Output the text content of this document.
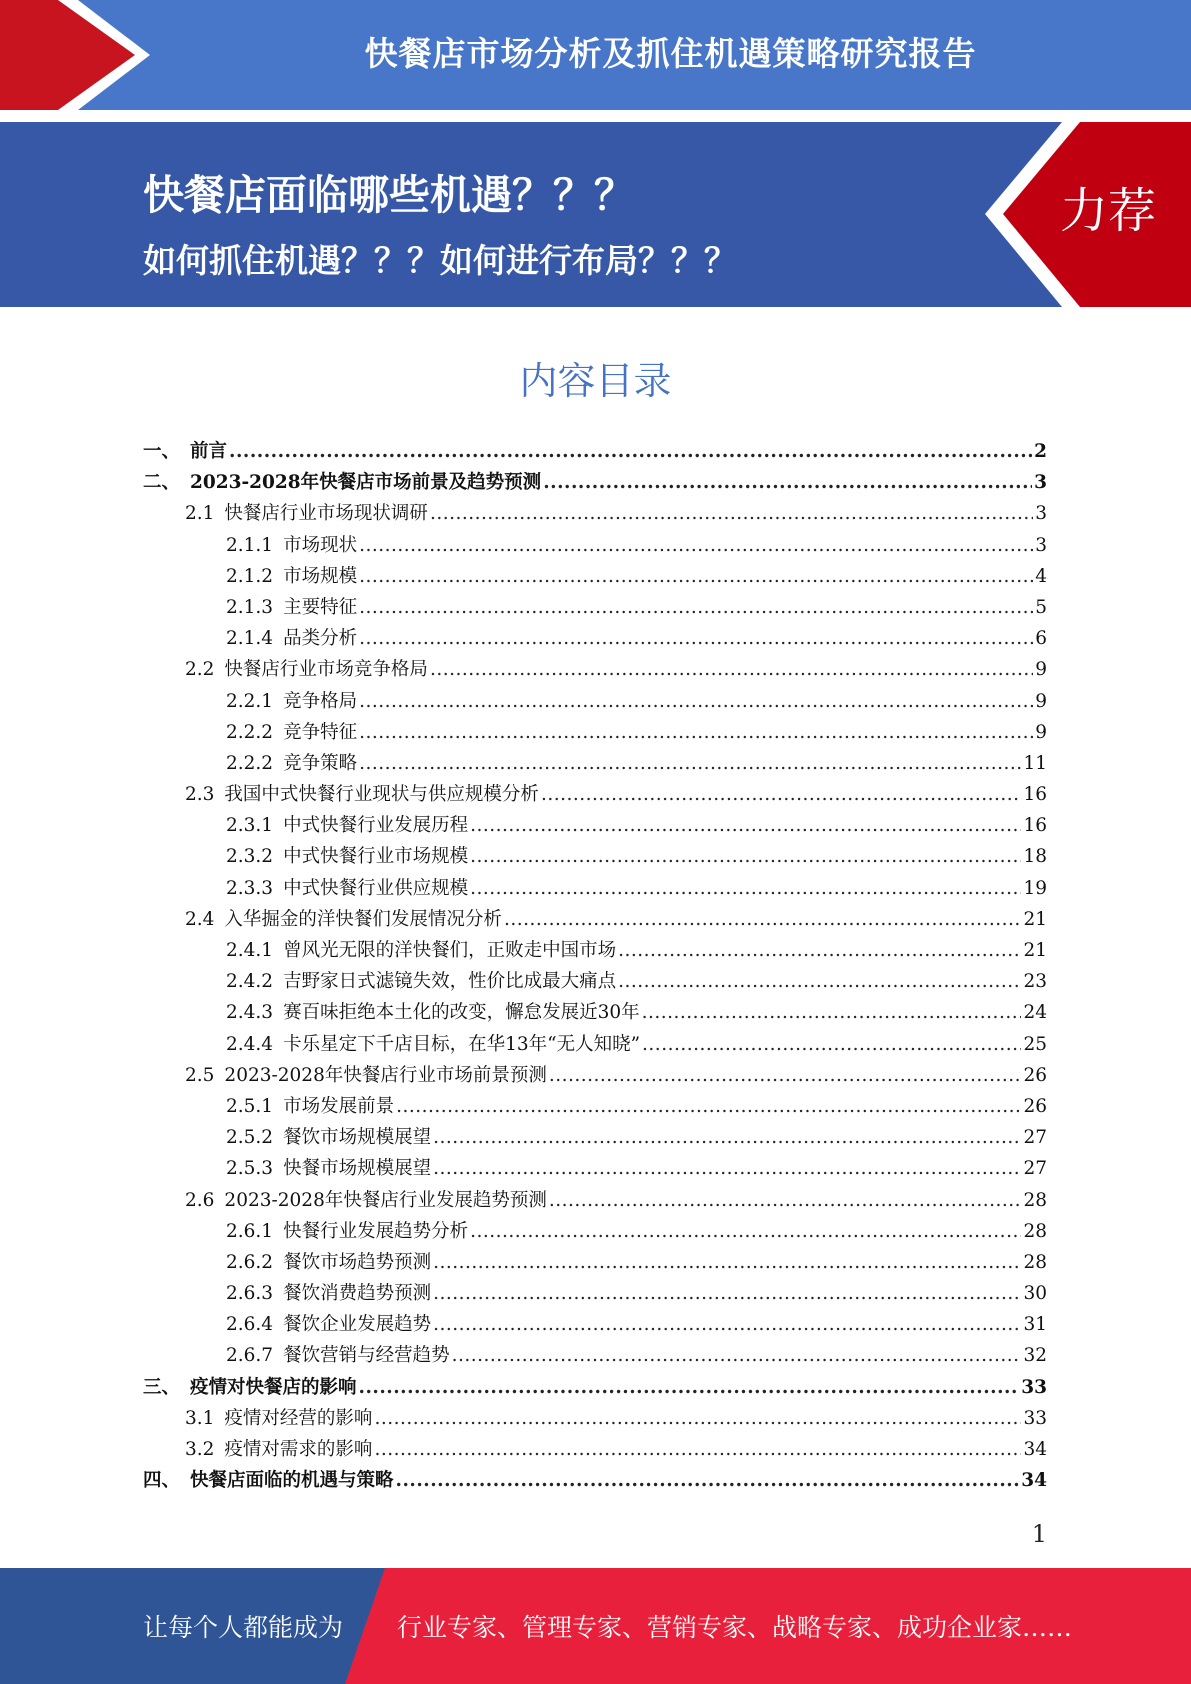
快餐店市场分析及抓住机遇策略研究报告
快餐店面临哪些机遇？？？
如何抓住机遇？？？如何进行布局？？？
力荐
内容目录
一、 前言 .....	2
二、 2023-2028年快餐店市场前景及趋势预测 .....	3
2.1 快餐店行业市场现状调研 .....	3
2.1.1 市场现状 .....	3
2.1.2 市场规模 .....	4
2.1.3 主要特征 .....	5
2.1.4 品类分析 .....	6
2.2 快餐店行业市场竞争格局 .....	9
2.2.1 竞争格局 .....	9
2.2.2 竞争特征 .....	9
2.2.2 竞争策略 .....	11
2.3 我国中式快餐行业现状与供应规模分析 .....	16
2.3.1 中式快餐行业发展历程 .....	16
2.3.2 中式快餐行业市场规模 .....	18
2.3.3 中式快餐行业供应规模 .....	19
2.4 入华掘金的洋快餐们发展情况分析 .....	21
2.4.1 曾风光无限的洋快餐们，正败走中国市场 .....	21
2.4.2 吉野家日式滤镜失效，性价比成最大痛点 .....	23
2.4.3 赛百味拒绝本土化的改变，懈怠发展近30年 .....	24
2.4.4 卡乐星定下千店目标，在华13年“无人知晓” .....	25
2.5 2023-2028年快餐店行业市场前景预测 .....	26
2.5.1 市场发展前景 .....	26
2.5.2 餐饮市场规模展望 .....	27
2.5.3 快餐市场规模展望 .....	27
2.6 2023-2028年快餐店行业发展趋势预测 .....	28
2.6.1 快餐行业发展趋势分析 .....	28
2.6.2 餐饮市场趋势预测 .....	28
2.6.3 餐饮消费趋势预测 .....	30
2.6.4 餐饮企业发展趋势 .....	31
2.6.7 餐饮营销与经营趋势 .....	32
三、 疫情对快餐店的影响 .....	33
3.1 疫情对经营的影响 .....	33
3.2 疫情对需求的影响 .....	34
四、 快餐店面临的机遇与策略 .....	34
1
让每个人都能成为 行业专家、管理专家、营销专家、战略专家、成功企业家……
